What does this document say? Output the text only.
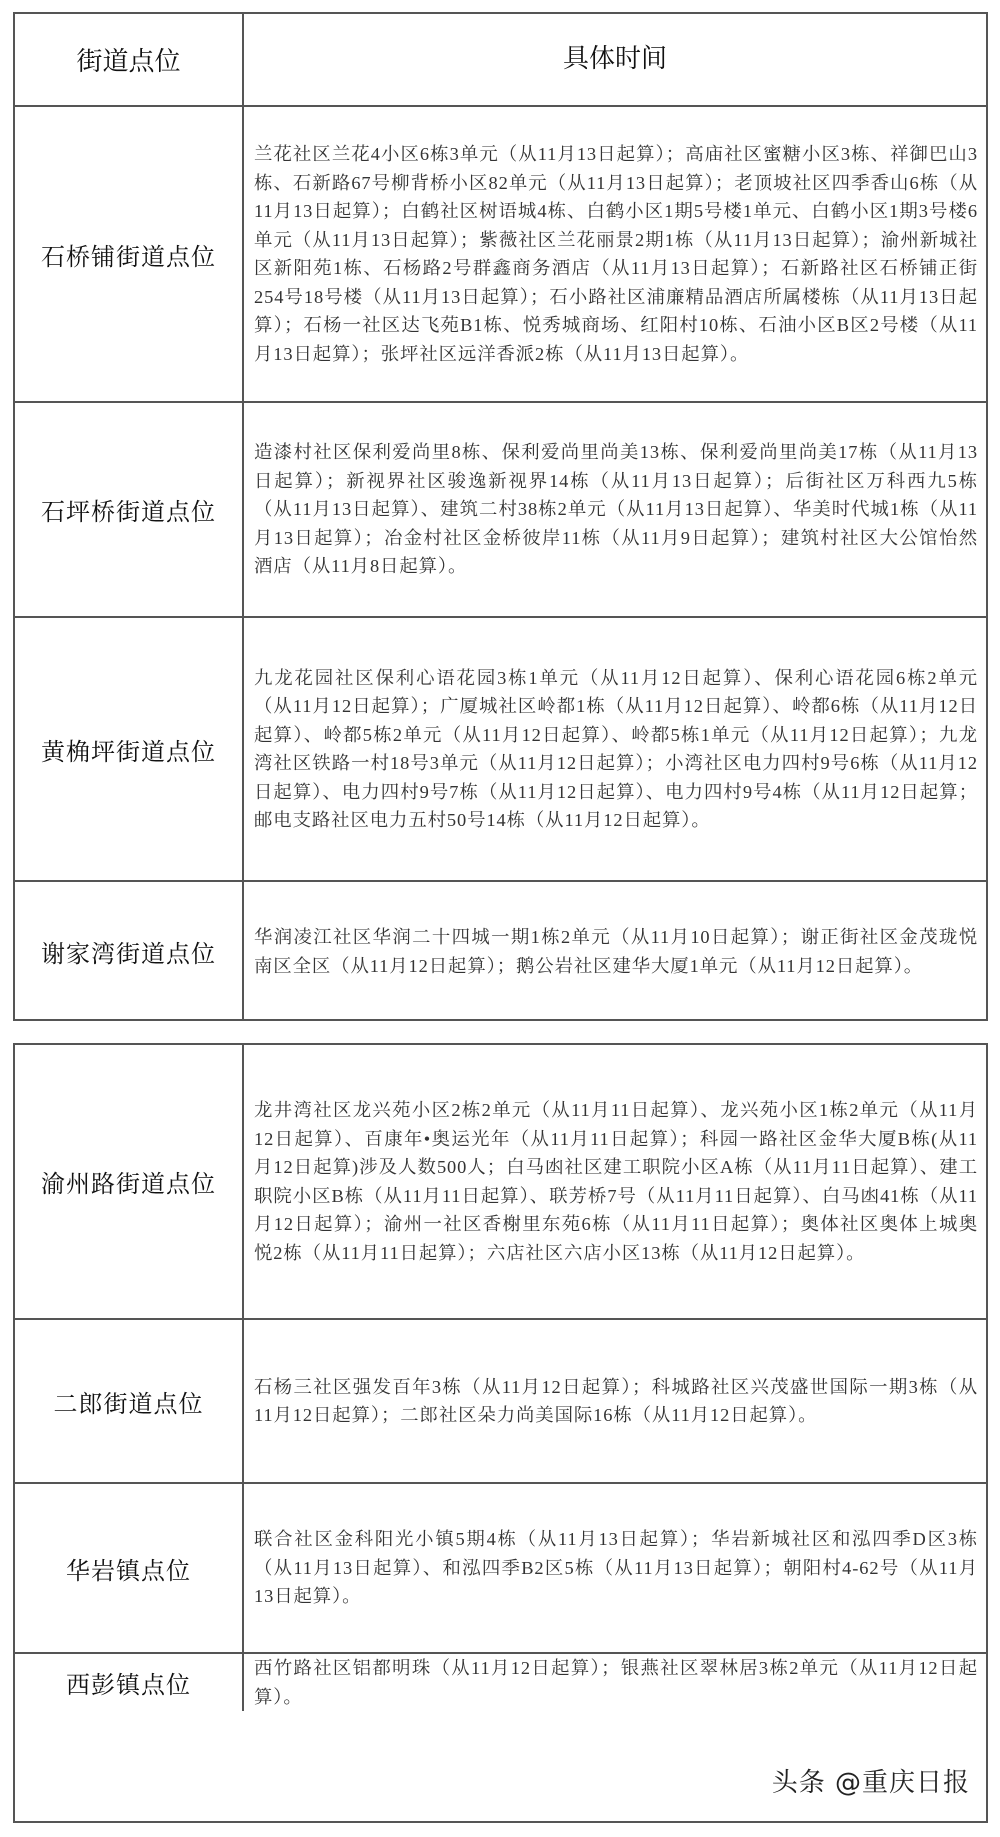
街道点位	具体时间
石桥铺街道点位
兰花社区兰花4小区6栋3单元（从11月13日起算）；高庙社区蜜糖小区3栋、祥御巴山3栋、石新路67号柳背桥小区82单元（从11月13日起算）；老顶坡社区四季香山6栋（从11月13日起算）；白鹤社区树语城4栋、白鹤小区1期5号楼1单元、白鹤小区1期3号楼6单元（从11月13日起算）；紫薇社区兰花丽景2期1栋（从11月13日起算）；渝州新城社区新阳苑1栋、石杨路2号群鑫商务酒店（从11月13日起算）；石新路社区石桥铺正街254号18号楼（从11月13日起算）；石小路社区浦廉精品酒店所属楼栋（从11月13日起算）；石杨一社区达飞苑B1栋、悦秀城商场、红阳村10栋、石油小区B区2号楼（从11月13日起算）；张坪社区远洋香派2栋（从11月13日起算）。
石坪桥街道点位
造漆村社区保利爱尚里8栋、保利爱尚里尚美13栋、保利爱尚里尚美17栋（从11月13日起算）；新视界社区骏逸新视界14栋（从11月13日起算）；后街社区万科西九5栋（从11月13日起算）、建筑二村38栋2单元（从11月13日起算）、华美时代城1栋（从11月13日起算）；冶金村社区金桥彼岸11栋（从11月9日起算）；建筑村社区大公馆怡然酒店（从11月8日起算）。
黄桷坪街道点位
九龙花园社区保利心语花园3栋1单元（从11月12日起算）、保利心语花园6栋2单元（从11月12日起算）；广厦城社区岭都1栋（从11月12日起算）、岭都6栋（从11月12日起算）、岭都5栋2单元（从11月12日起算）、岭都5栋1单元（从11月12日起算）；九龙湾社区铁路一村18号3单元（从11月12日起算）；小湾社区电力四村9号6栋（从11月12日起算）、电力四村9号7栋（从11月12日起算）、电力四村9号4栋（从11月12日起算；邮电支路社区电力五村50号14栋（从11月12日起算）。
谢家湾街道点位
华润凌江社区华润二十四城一期1栋2单元（从11月10日起算）；谢正街社区金茂珑悦南区全区（从11月12日起算）；鹅公岩社区建华大厦1单元（从11月12日起算）。
渝州路街道点位
龙井湾社区龙兴苑小区2栋2单元（从11月11日起算）、龙兴苑小区1栋2单元（从11月12日起算）、百康年•奥运光年（从11月11日起算）；科园一路社区金华大厦B栋(从11月12日起算)涉及人数500人；白马凼社区建工职院小区A栋（从11月11日起算）、建工职院小区B栋（从11月11日起算）、联芳桥7号（从11月11日起算）、白马凼41栋（从11月12日起算）；渝州一社区香榭里东苑6栋（从11月11日起算）；奥体社区奥体上城奥悦2栋（从11月11日起算）；六店社区六店小区13栋（从11月12日起算）。
二郎街道点位
石杨三社区强发百年3栋（从11月12日起算）；科城路社区兴茂盛世国际一期3栋（从11月12日起算）；二郎社区朵力尚美国际16栋（从11月12日起算）。
华岩镇点位
联合社区金科阳光小镇5期4栋（从11月13日起算）；华岩新城社区和泓四季D区3栋（从11月13日起算）、和泓四季B2区5栋（从11月13日起算）；朝阳村4-62号（从11月13日起算）。
西彭镇点位
西竹路社区铝都明珠（从11月12日起算）；银燕社区翠林居3栋2单元（从11月12日起算）。
头条 @重庆日报
